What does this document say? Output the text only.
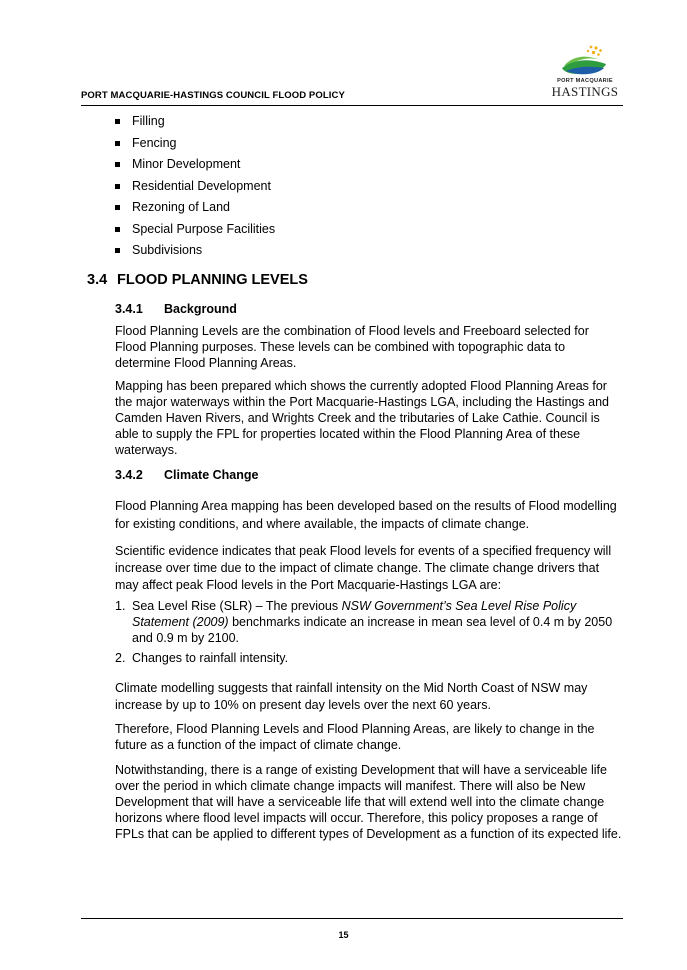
PORT MACQUARIE-HASTINGS COUNCIL FLOOD POLICY
PORT MACQUARIE
HASTINGS
Filling
Fencing
Minor Development
Residential Development
Rezoning of Land
Special Purpose Facilities
Subdivisions
3.4 FLOOD PLANNING LEVELS

3.4.1 Background

Flood Planning Levels are the combination of Flood levels and Freeboard selected for Flood Planning purposes. These levels can be combined with topographic data to determine Flood Planning Areas.

Mapping has been prepared which shows the currently adopted Flood Planning Areas for the major waterways within the Port Macquarie-Hastings LGA, including the Hastings and Camden Haven Rivers, and Wrights Creek and the tributaries of Lake Cathie. Council is able to supply the FPL for properties located within the Flood Planning Area of these waterways.

3.4.2 Climate Change

Flood Planning Area mapping has been developed based on the results of Flood modelling for existing conditions, and where available, the impacts of climate change.

Scientific evidence indicates that peak Flood levels for events of a specified frequency will increase over time due to the impact of climate change. The climate change drivers that may affect peak Flood levels in the Port Macquarie-Hastings LGA are:

1. Sea Level Rise (SLR) – The previous NSW Government’s Sea Level Rise Policy Statement (2009) benchmarks indicate an increase in mean sea level of 0.4 m by 2050 and 0.9 m by 2100.
2. Changes to rainfall intensity.

Climate modelling suggests that rainfall intensity on the Mid North Coast of NSW may increase by up to 10% on present day levels over the next 60 years.

Therefore, Flood Planning Levels and Flood Planning Areas, are likely to change in the future as a function of the impact of climate change.

Notwithstanding, there is a range of existing Development that will have a serviceable life over the period in which climate change impacts will manifest. There will also be New Development that will have a serviceable life that will extend well into the climate change horizons where flood level impacts will occur. Therefore, this policy proposes a range of FPLs that can be applied to different types of Development as a function of its expected life.

15
